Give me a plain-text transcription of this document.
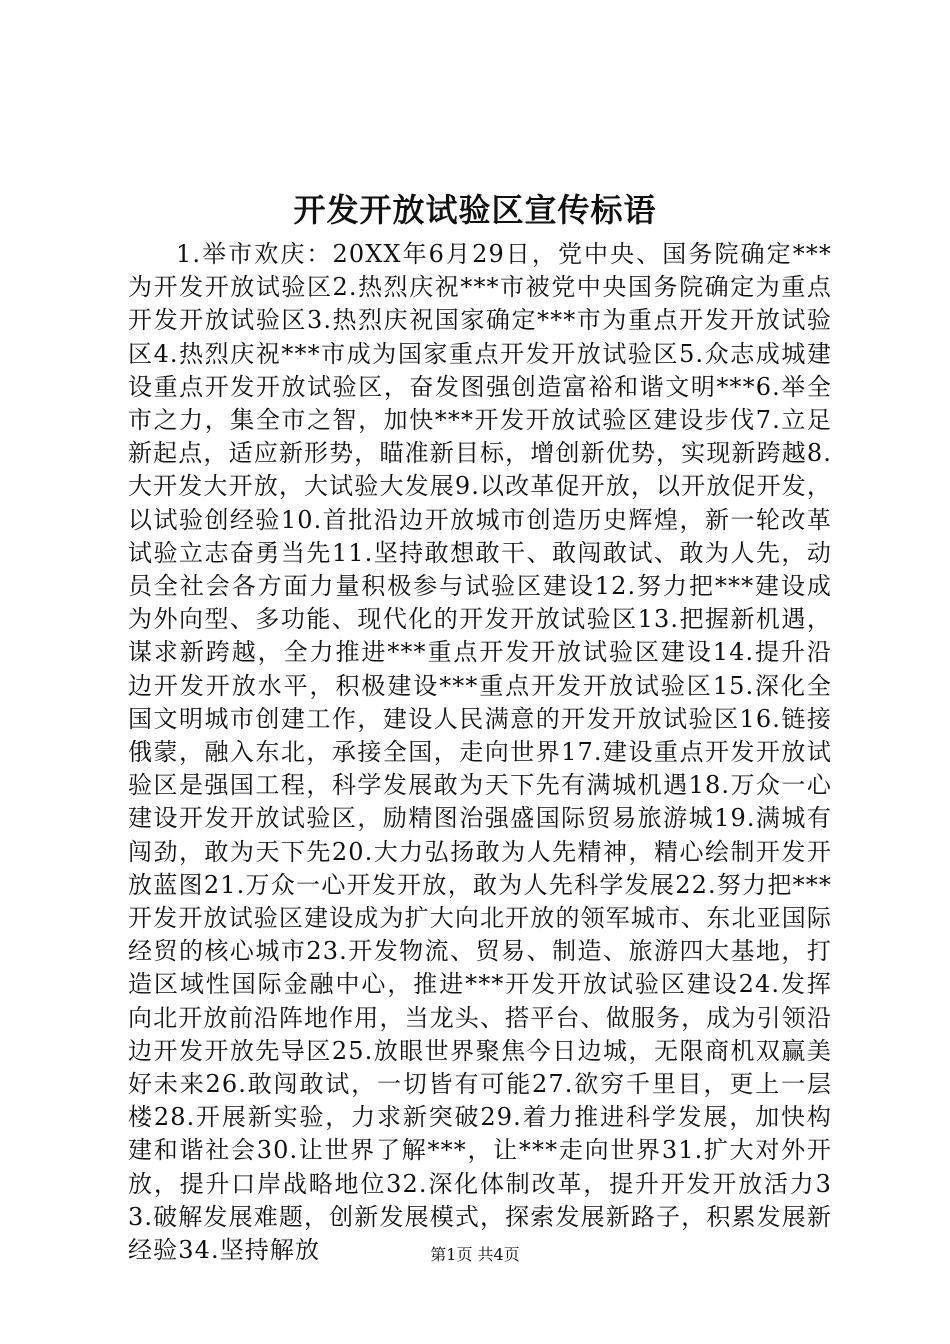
开发开放试验区宣传标语

1.举市欢庆：20XX年6月29日，党中央、国务院确定***为开发开放试验区2.热烈庆祝***市被党中央国务院确定为重点开发开放试验区3.热烈庆祝国家确定***市为重点开发开放试验区4.热烈庆祝***市成为国家重点开发开放试验区5.众志成城建设重点开发开放试验区，奋发图强创造富裕和谐文明***6.举全市之力，集全市之智，加快***开发开放试验区建设步伐7.立足新起点，适应新形势，瞄准新目标，增创新优势，实现新跨越8.大开发大开放，大试验大发展9.以改革促开放，以开放促开发，以试验创经验10.首批沿边开放城市创造历史辉煌，新一轮改革试验立志奋勇当先11.坚持敢想敢干、敢闯敢试、敢为人先，动员全社会各方面力量积极参与试验区建设12.努力把***建设成为外向型、多功能、现代化的开发开放试验区13.把握新机遇，谋求新跨越，全力推进***重点开发开放试验区建设14.提升沿边开发开放水平，积极建设***重点开发开放试验区15.深化全国文明城市创建工作，建设人民满意的开发开放试验区16.链接俄蒙，融入东北，承接全国，走向世界17.建设重点开发开放试验区是强国工程，科学发展敢为天下先有满城机遇18.万众一心建设开发开放试验区，励精图治强盛国际贸易旅游城19.满城有闯劲，敢为天下先20.大力弘扬敢为人先精神，精心绘制开发开放蓝图21.万众一心开发开放，敢为人先科学发展22.努力把***开发开放试验区建设成为扩大向北开放的领军城市、东北亚国际经贸的核心城市23.开发物流、贸易、制造、旅游四大基地，打造区域性国际金融中心，推进***开发开放试验区建设24.发挥向北开放前沿阵地作用，当龙头、搭平台、做服务，成为引领沿边开发开放先导区25.放眼世界聚焦今日边城，无限商机双赢美好未来26.敢闯敢试，一切皆有可能27.欲穷千里目，更上一层楼28.开展新实验，力求新突破29.着力推进科学发展，加快构建和谐社会30.让世界了解***，让***走向世界31.扩大对外开放，提升口岸战略地位32.深化体制改革，提升开发开放活力33.破解发展难题，创新发展模式，探索发展新路子，积累发展新经验34.坚持解放	第1页 共4页
